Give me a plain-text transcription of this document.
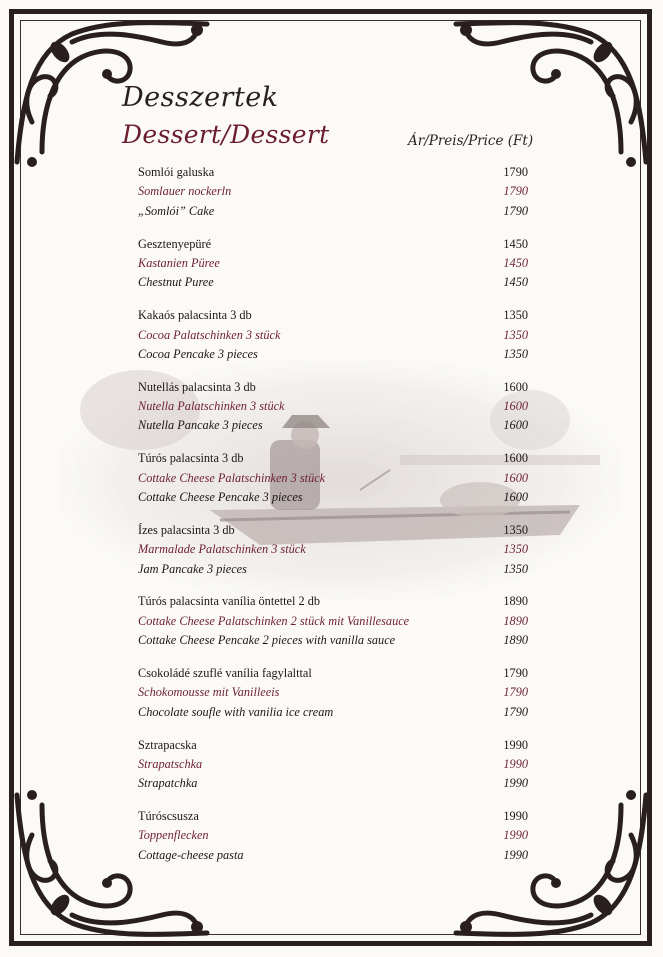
Desszertek
Dessert/Dessert	Ár/Preis/Price (Ft)
Somlói galuska	1790
Somlauer nockerln	1790
„Somlói” Cake	1790
Gesztenyepüré	1450
Kastanien Püree	1450
Chestnut Puree	1450
Kakaós palacsinta 3 db	1350
Cocoa Palatschinken 3 stück	1350
Cocoa Pencake 3 pieces	1350
Nutellás palacsinta 3 db	1600
Nutella Palatschinken 3 stück	1600
Nutella Pancake 3 pieces	1600
Túrós palacsinta 3 db	1600
Cottake Cheese Palatschinken 3 stück	1600
Cottake Cheese Pencake 3 pieces	1600
Ízes palacsinta 3 db	1350
Marmalade Palatschinken 3 stück	1350
Jam Pancake 3 pieces	1350
Túrós palacsinta vanília öntettel 2 db	1890
Cottake Cheese Palatschinken 2 stück mit Vanillesauce	1890
Cottake Cheese Pencake 2 pieces with vanilla sauce	1890
Csokoládé szuflé vanília fagylalttal	1790
Schokomousse mit Vanilleeis	1790
Chocolate soufle with vanilia ice cream	1790
Sztrapacska	1990
Strapatschka	1990
Strapatchka	1990
Túróscsusza	1990
Toppenflecken	1990
Cottage-cheese pasta	1990
